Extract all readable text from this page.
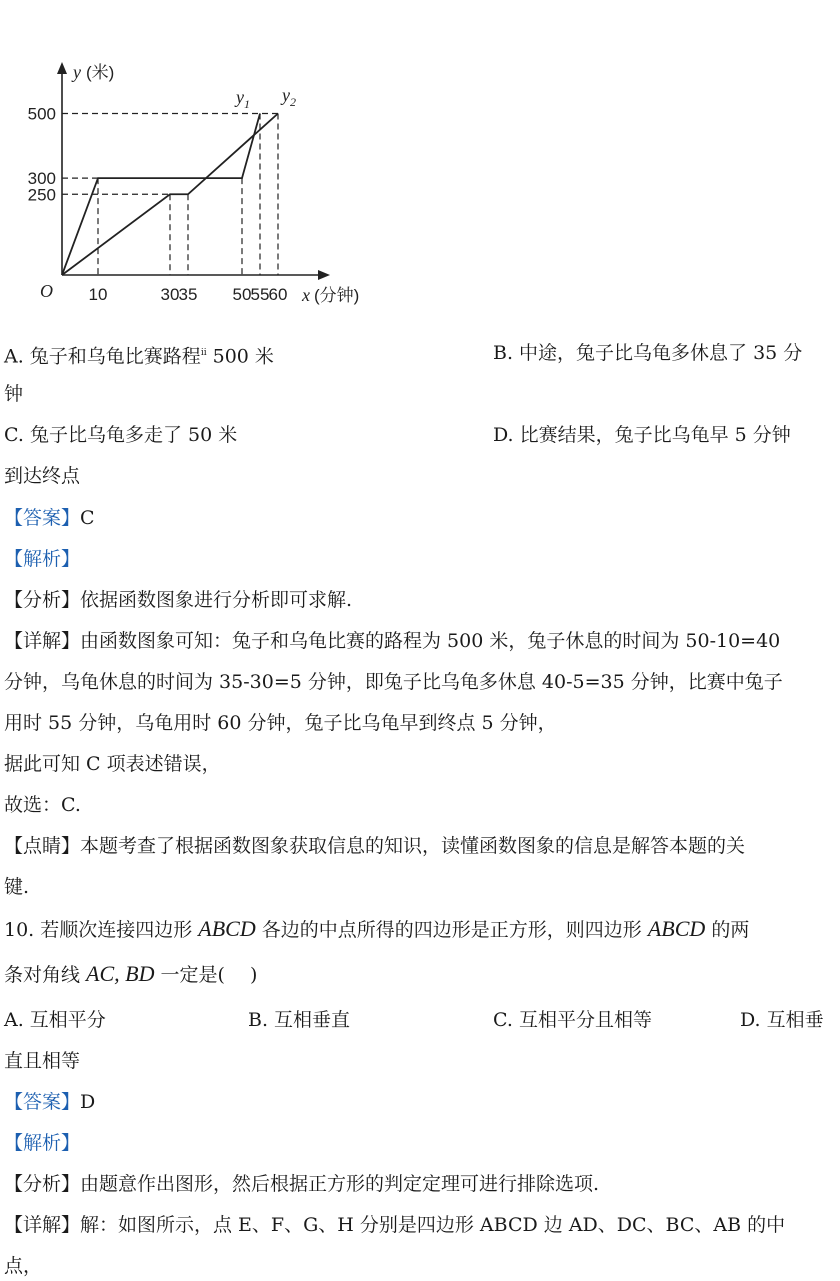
10	30 35 50 55 60
250
300
500
y (米)
x (分钟)
O
$y_1$ $y_2$
A. 兔子和乌龟比赛路程$^ⅱ$ 500 米	B. 中途，兔子比乌龟多休息了 35 分
钟
C. 兔子比乌龟多走了 50 米	D. 比赛结果，兔子比乌龟早 5 分钟
到达终点
【答案】C
【解析】
【分析】依据函数图象进行分析即可求解.
【详解】由函数图象可知：兔子和乌龟比赛的路程为 500 米，兔子休息的时间为 50-10=40
分钟，乌龟休息的时间为 35-30=5 分钟，即兔子比乌龟多休息 40-5=35 分钟，比赛中兔子
用时 55 分钟，乌龟用时 60 分钟，兔子比乌龟早到终点 5 分钟，
据此可知 C 项表述错误，
故选：C.
【点睛】本题考查了根据函数图象获取信息的知识，读懂函数图象的信息是解答本题的关
键.
10. 若顺次连接四边形 ABCD 各边的中点所得的四边形是正方形，则四边形 ABCD 的两
条对角线 AC, BD 一定是(　 )
A. 互相平分	B. 互相垂直	C. 互相平分且相等	D. 互相垂
直且相等
【答案】D
【解析】
【分析】由题意作出图形，然后根据正方形的判定定理可进行排除选项.
【详解】解：如图所示，点 E、F、G、H 分别是四边形 ABCD 边 AD、DC、BC、AB 的中
点，
